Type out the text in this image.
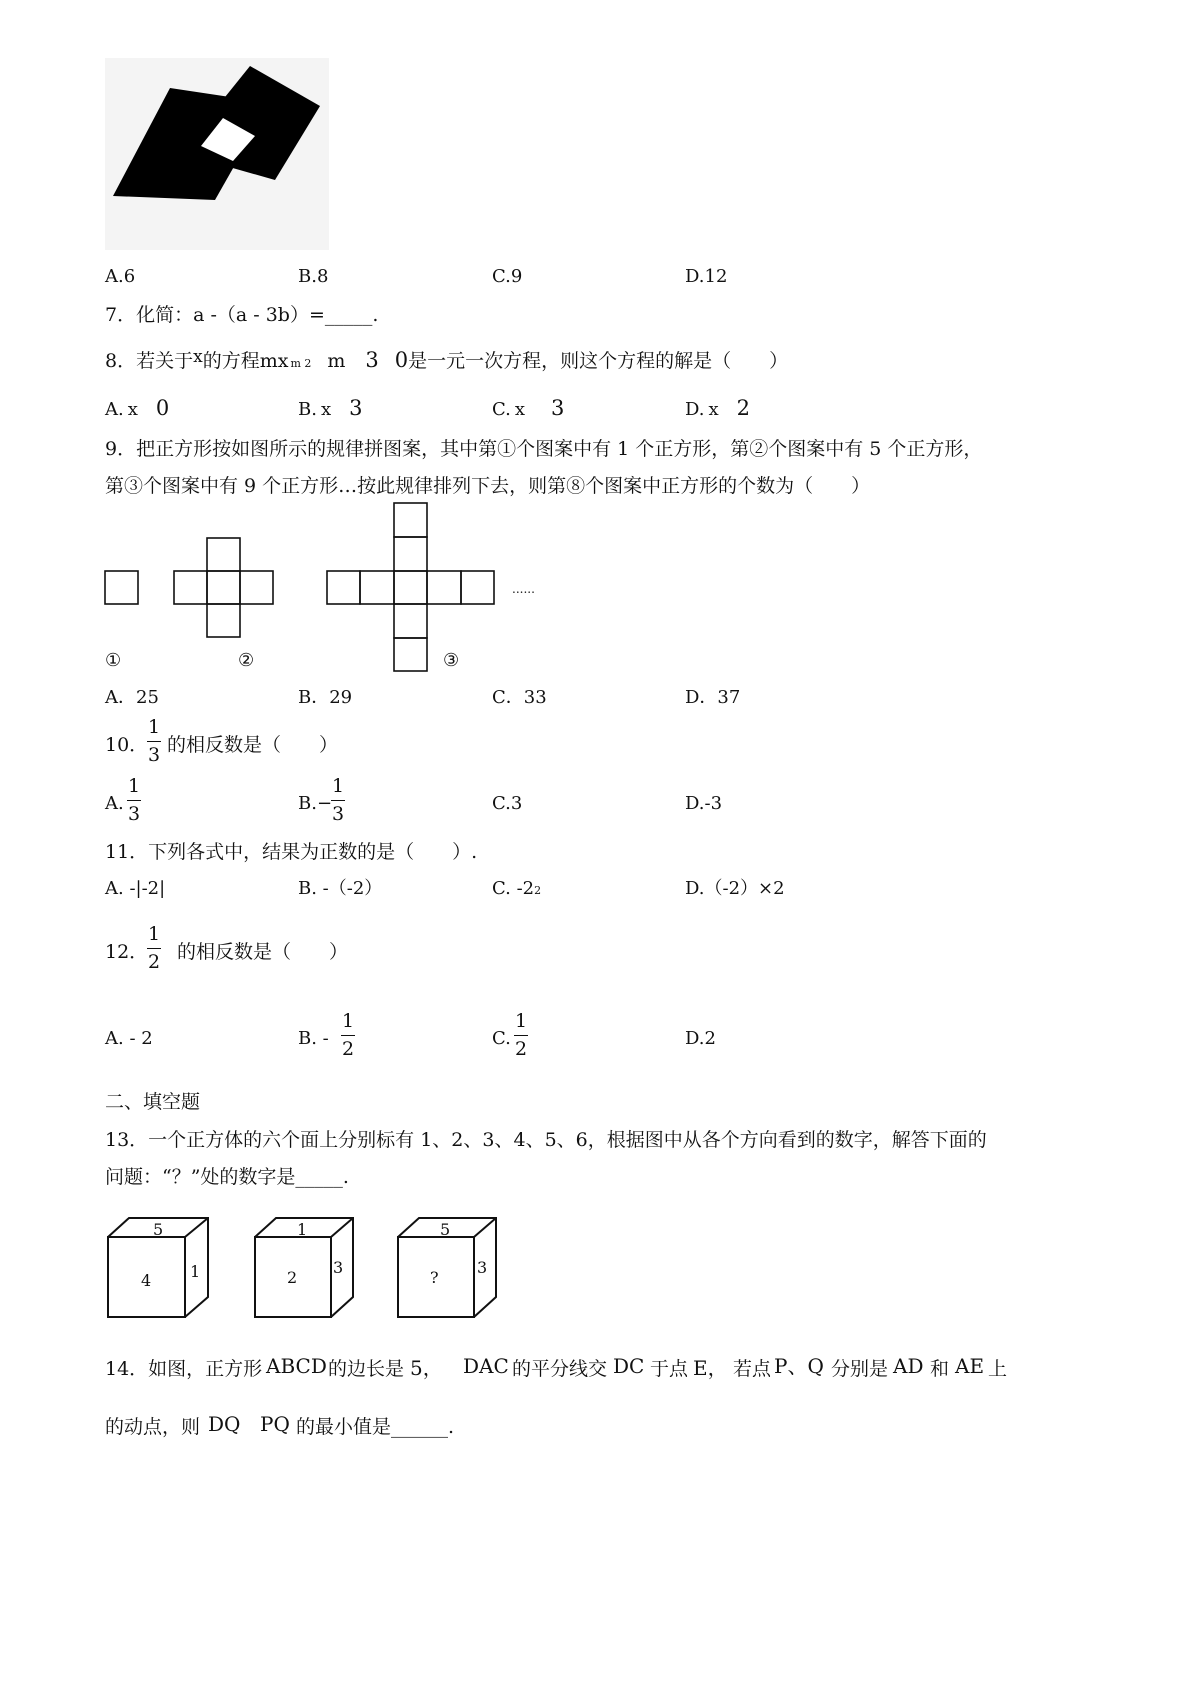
A.6	B.8	C.9	D.12
7．化简：a -（a - 3b）=_____.
8．若关于x的方程mx m 2 m 3 0是一元一次方程，则这个方程的解是（　　）
A. x 0	B. x 3	C. x 3	D. x 2
9．把正方形按如图所示的规律拼图案，其中第①个图案中有 1 个正方形，第②个图案中有 5 个正方形，
第③个图案中有 9 个正方形…按此规律排列下去，则第⑧个图案中正方形的个数为（　　）
①	②	③
......
A．25	B．29	C．33	D．37
10．
1
3 的相反数是（　　）
A.
1
3	B.−
1
3	C.3	D.-3
11．下列各式中，结果为正数的是（　　）.
A. -|-2|	B. -（-2）	C. -22	D.（-2）×2
12．
1
2 的相反数是（　　）
A. - 2	B. -
1
2	C.
1
2	D.2
二、填空题
13．一个正方体的六个面上分别标有 1、2、3、4、5、6，根据图中从各个方向看到的数字，解答下面的
问题：“？”处的数字是_____.
5
4 1
1
2
3
5
?
3
14．如图，正方形 ABCD 的边长是 5， DAC 的平分线交 DC 于点 E， 若点 P、Q 分别是 AD 和 AE 上
的动点，则 DQ PQ 的最小值是______.
